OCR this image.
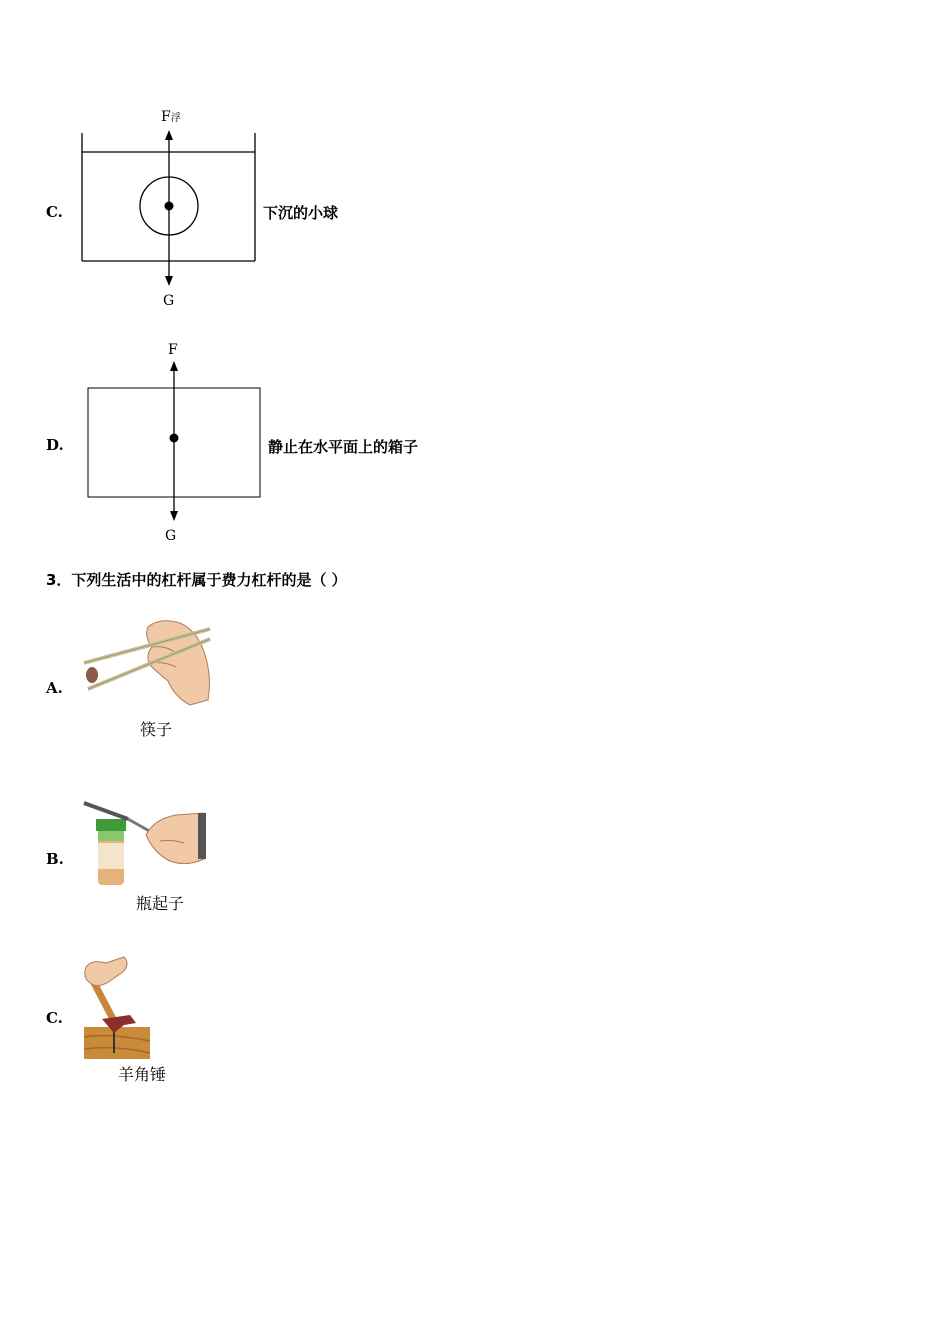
C.
F浮
G
下沉的小球
D.
F
G
静止在水平面上的箱子
3．下列生活中的杠杆属于费力杠杆的是（ ）
A.
筷子
B.
瓶起子
C.
羊角锤
